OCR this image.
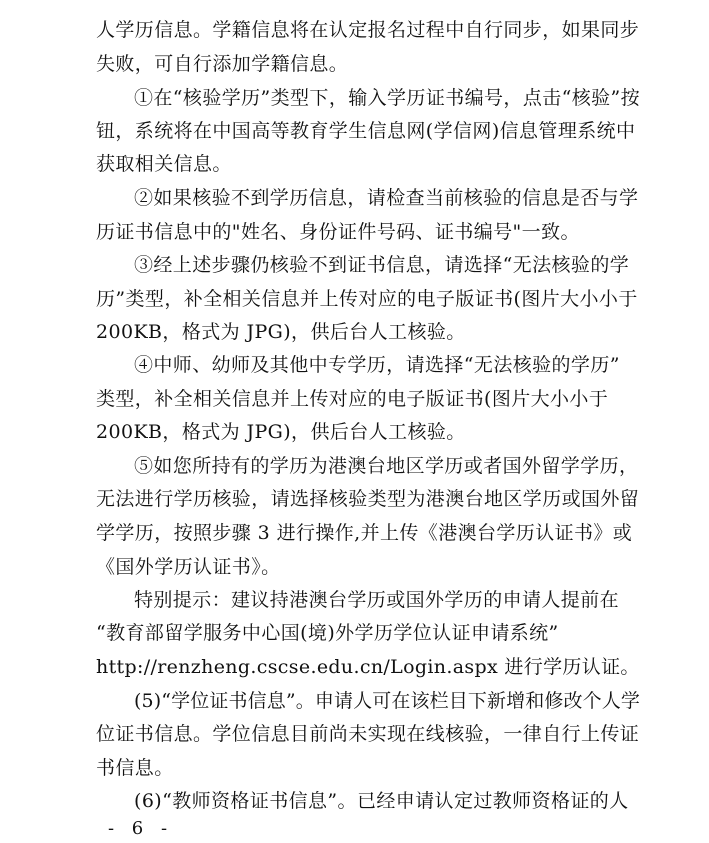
人学历信息。学籍信息将在认定报名过程中自行同步，如果同步
失败，可自行添加学籍信息。
①在“核验学历”类型下，输入学历证书编号，点击“核验”按
钮，系统将在中国高等教育学生信息网(学信网)信息管理系统中
获取相关信息。
②如果核验不到学历信息，请检查当前核验的信息是否与学
历证书信息中的"姓名、身份证件号码、证书编号"一致。
③经上述步骤仍核验不到证书信息，请选择“无法核验的学
历”类型，补全相关信息并上传对应的电子版证书(图片大小小于
200KB，格式为 JPG)，供后台人工核验。
④中师、幼师及其他中专学历，请选择“无法核验的学历”
类型，补全相关信息并上传对应的电子版证书(图片大小小于
200KB，格式为 JPG)，供后台人工核验。
⑤如您所持有的学历为港澳台地区学历或者国外留学学历，
无法进行学历核验，请选择核验类型为港澳台地区学历或国外留
学学历，按照步骤 3 进行操作,并上传《港澳台学历认证书》或
《国外学历认证书》。
特别提示：建议持港澳台学历或国外学历的申请人提前在
“教育部留学服务中心国(境)外学历学位认证申请系统”
http://renzheng.cscse.edu.cn/Login.aspx 进行学历认证。
(5)“学位证书信息”。申请人可在该栏目下新增和修改个人学
位证书信息。学位信息目前尚未实现在线核验，一律自行上传证
书信息。
(6)“教师资格证书信息”。已经申请认定过教师资格证的人
- 6 -
